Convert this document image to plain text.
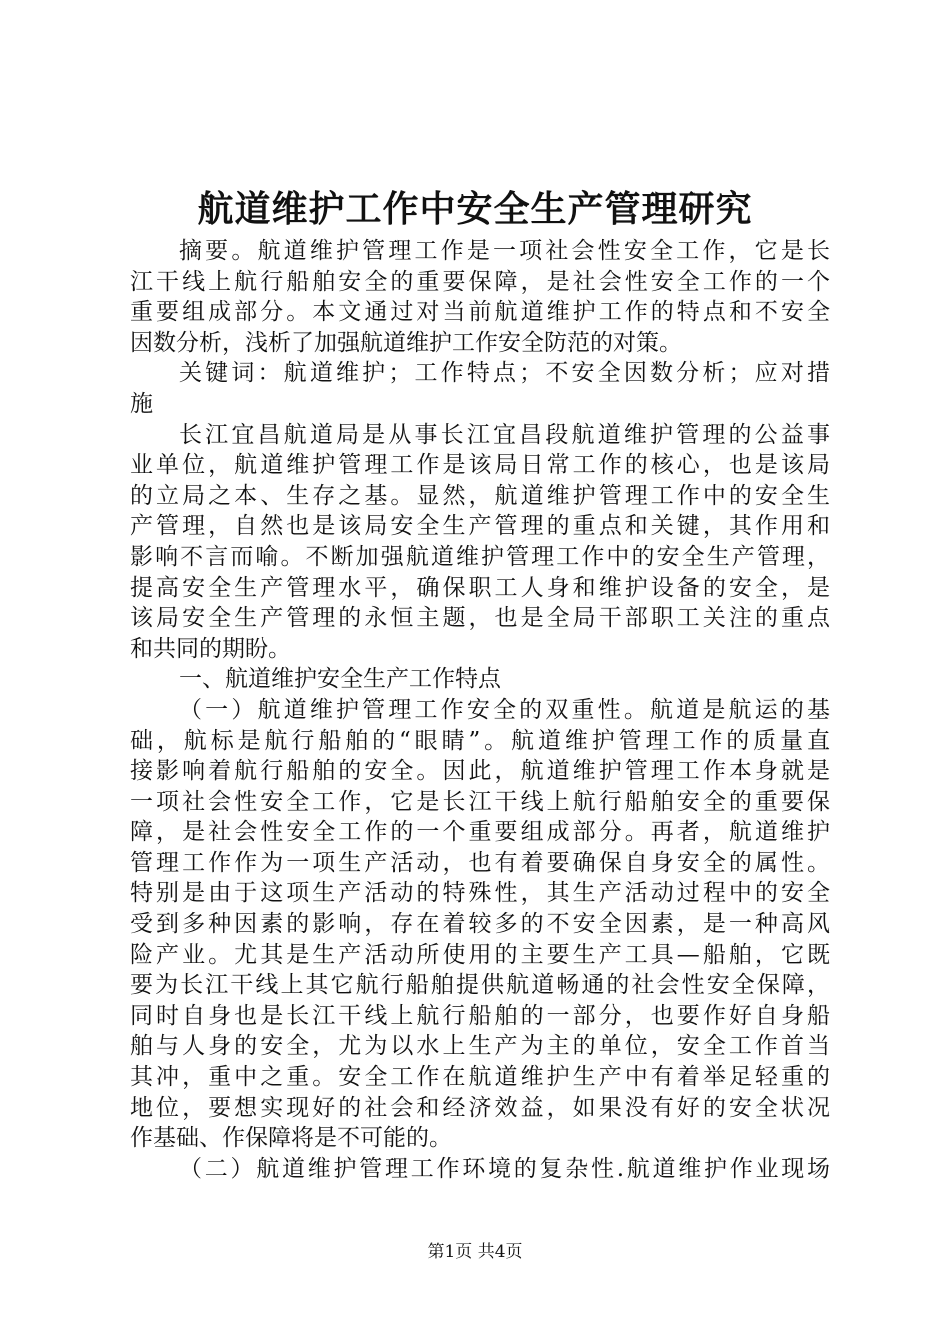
航道维护工作中安全生产管理研究
摘要。航道维护管理工作是一项社会性安全工作，它是长
江干线上航行船舶安全的重要保障，是社会性安全工作的一个
重要组成部分。本文通过对当前航道维护工作的特点和不安全
因数分析，浅析了加强航道维护工作安全防范的对策。
关键词：航道维护；工作特点；不安全因数分析；应对措
施
长江宜昌航道局是从事长江宜昌段航道维护管理的公益事
业单位，航道维护管理工作是该局日常工作的核心，也是该局
的立局之本、生存之基。显然，航道维护管理工作中的安全生
产管理，自然也是该局安全生产管理的重点和关键，其作用和
影响不言而喻。不断加强航道维护管理工作中的安全生产管理，
提高安全生产管理水平，确保职工人身和维护设备的安全，是
该局安全生产管理的永恒主题，也是全局干部职工关注的重点
和共同的期盼。
一、航道维护安全生产工作特点
（一）航道维护管理工作安全的双重性。航道是航运的基
础，航标是航行船舶的“眼睛”。航道维护管理工作的质量直
接影响着航行船舶的安全。因此，航道维护管理工作本身就是
一项社会性安全工作，它是长江干线上航行船舶安全的重要保
障，是社会性安全工作的一个重要组成部分。再者，航道维护
管理工作作为一项生产活动，也有着要确保自身安全的属性。
特别是由于这项生产活动的特殊性，其生产活动过程中的安全
受到多种因素的影响，存在着较多的不安全因素，是一种高风
险产业。尤其是生产活动所使用的主要生产工具—船舶，它既
要为长江干线上其它航行船舶提供航道畅通的社会性安全保障，
同时自身也是长江干线上航行船舶的一部分，也要作好自身船
舶与人身的安全，尤为以水上生产为主的单位，安全工作首当
其冲，重中之重。安全工作在航道维护生产中有着举足轻重的
地位，要想实现好的社会和经济效益，如果没有好的安全状况
作基础、作保障将是不可能的。
（二）航道维护管理工作环境的复杂性.航道维护作业现场
第1页 共4页
